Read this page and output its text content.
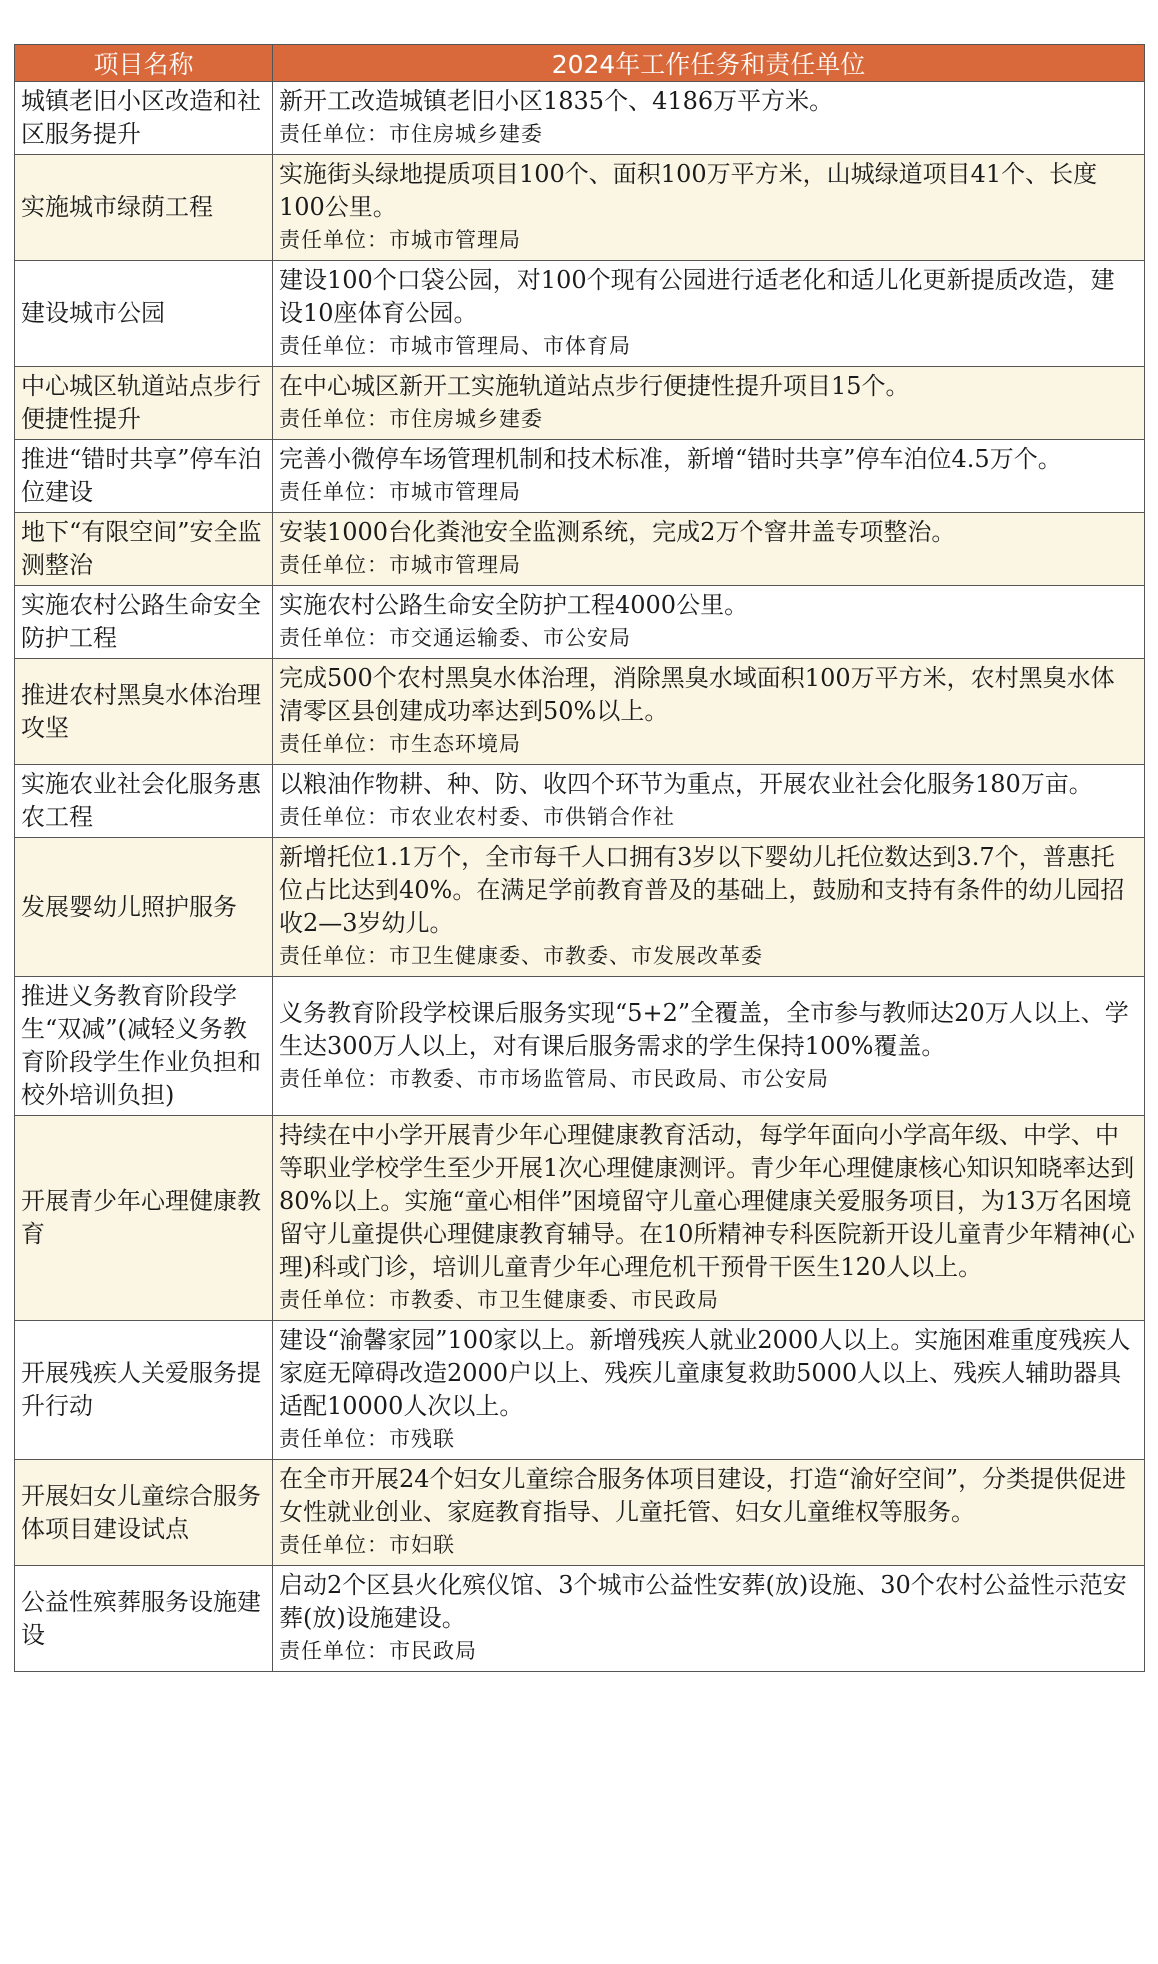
项目名称	2024年工作任务和责任单位
城镇老旧小区改造和社区服务提升	新开工改造城镇老旧小区1835个、4186万平方米。

责任单位：市住房城乡建委

实施城市绿荫工程	实施街头绿地提质项目100个、面积100万平方米，山城绿道项目41个、长度100公里。

责任单位：市城市管理局

建设城市公园	建设100个口袋公园，对100个现有公园进行适老化和适儿化更新提质改造，建设10座体育公园。

责任单位：市城市管理局、市体育局

中心城区轨道站点步行便捷性提升	在中心城区新开工实施轨道站点步行便捷性提升项目15个。

责任单位：市住房城乡建委

推进“错时共享”停车泊位建设	完善小微停车场管理机制和技术标准，新增“错时共享”停车泊位4.5万个。

责任单位：市城市管理局

地下“有限空间”安全监测整治	安装1000台化粪池安全监测系统，完成2万个窨井盖专项整治。

责任单位：市城市管理局

实施农村公路生命安全防护工程	实施农村公路生命安全防护工程4000公里。

责任单位：市交通运输委、市公安局

推进农村黑臭水体治理攻坚	完成500个农村黑臭水体治理，消除黑臭水域面积100万平方米，农村黑臭水体清零区县创建成功率达到50%以上。

责任单位：市生态环境局

实施农业社会化服务惠农工程	以粮油作物耕、种、防、收四个环节为重点，开展农业社会化服务180万亩。

责任单位：市农业农村委、市供销合作社

发展婴幼儿照护服务	新增托位1.1万个，全市每千人口拥有3岁以下婴幼儿托位数达到3.7个，普惠托位占比达到40%。在满足学前教育普及的基础上，鼓励和支持有条件的幼儿园招收2—3岁幼儿。

责任单位：市卫生健康委、市教委、市发展改革委

推进义务教育阶段学生“双减”(减轻义务教育阶段学生作业负担和校外培训负担)	义务教育阶段学校课后服务实现“5+2”全覆盖，全市参与教师达20万人以上、学生达300万人以上，对有课后服务需求的学生保持100%覆盖。

责任单位：市教委、市市场监管局、市民政局、市公安局

开展青少年心理健康教育	持续在中小学开展青少年心理健康教育活动，每学年面向小学高年级、中学、中等职业学校学生至少开展1次心理健康测评。青少年心理健康核心知识知晓率达到80%以上。实施“童心相伴”困境留守儿童心理健康关爱服务项目，为13万名困境留守儿童提供心理健康教育辅导。在10所精神专科医院新开设儿童青少年精神(心理)科或门诊，培训儿童青少年心理危机干预骨干医生120人以上。

责任单位：市教委、市卫生健康委、市民政局

开展残疾人关爱服务提升行动	建设“渝馨家园”100家以上。新增残疾人就业2000人以上。实施困难重度残疾人家庭无障碍改造2000户以上、残疾儿童康复救助5000人以上、残疾人辅助器具适配10000人次以上。

责任单位：市残联

开展妇女儿童综合服务体项目建设试点	在全市开展24个妇女儿童综合服务体项目建设，打造“渝好空间”，分类提供促进女性就业创业、家庭教育指导、儿童托管、妇女儿童维权等服务。

责任单位：市妇联

公益性殡葬服务设施建设	启动2个区县火化殡仪馆、3个城市公益性安葬(放)设施、30个农村公益性示范安葬(放)设施建设。

责任单位：市民政局
